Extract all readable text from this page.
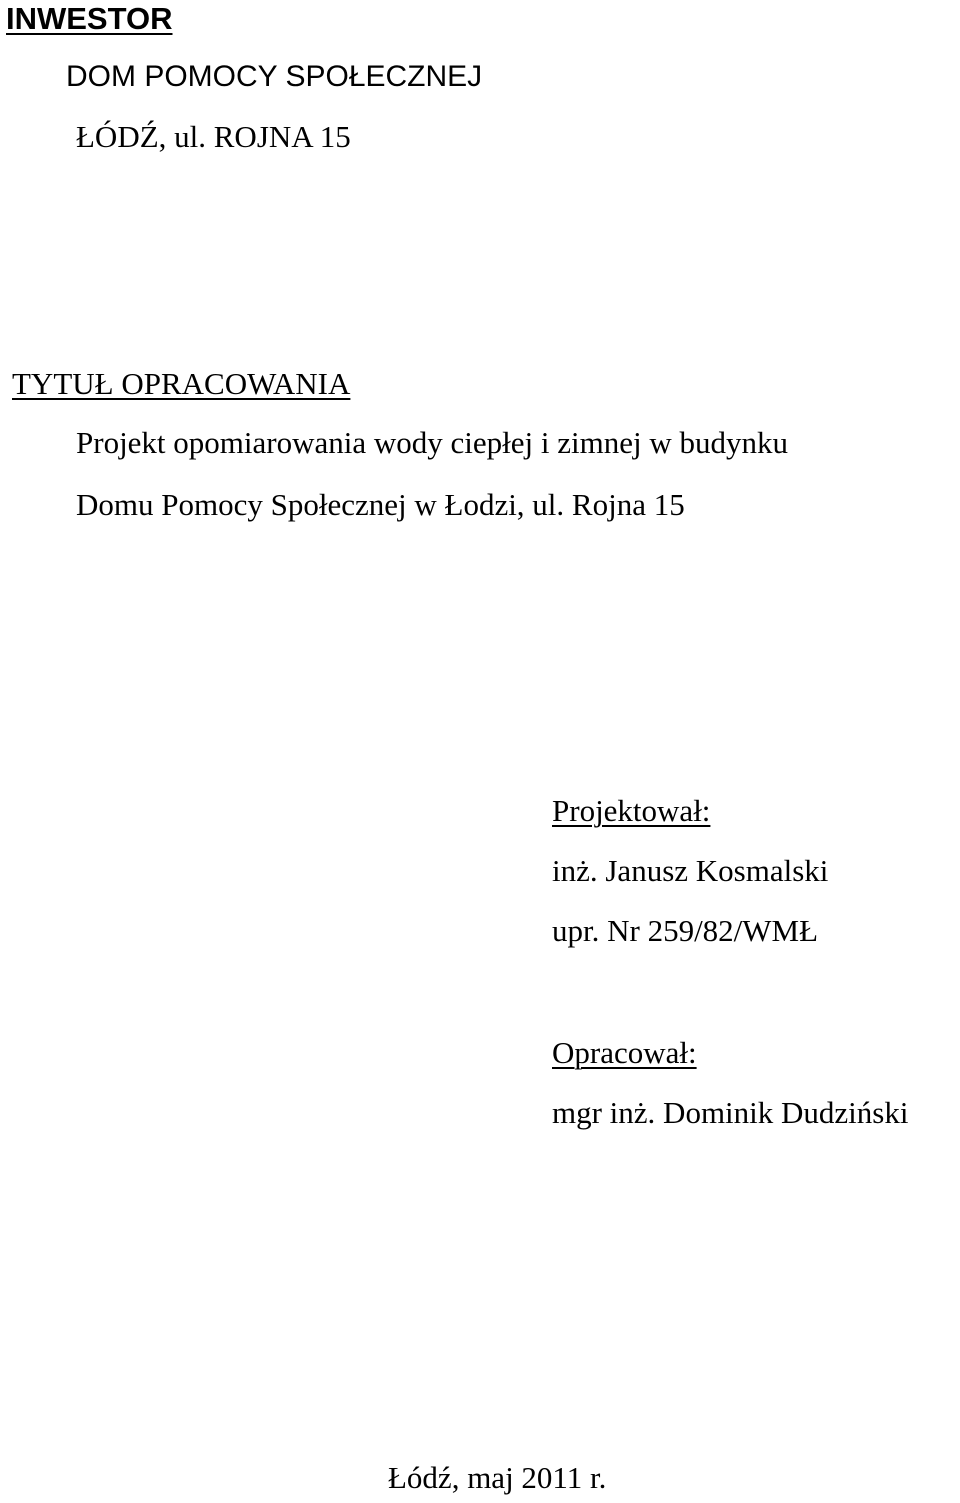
INWESTOR
DOM POMOCY SPOŁECZNEJ
ŁÓDŹ, ul. ROJNA 15
TYTUŁ OPRACOWANIA
Projekt opomiarowania wody ciepłej i zimnej w budynku
Domu Pomocy Społecznej w Łodzi, ul. Rojna 15
Projektował:
inż. Janusz Kosmalski
upr. Nr 259/82/WMŁ
Opracował:
mgr inż. Dominik Dudziński
Łódź, maj 2011 r.
